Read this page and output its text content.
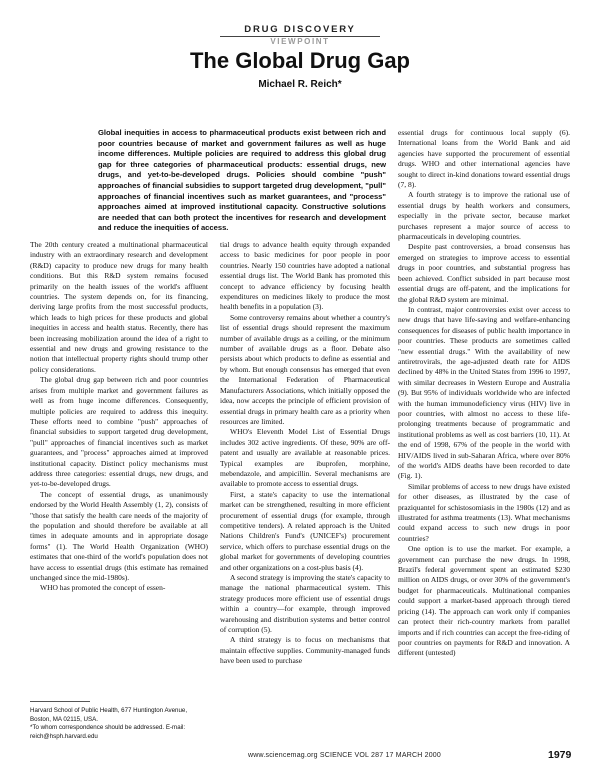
DRUG DISCOVERY
VIEWPOINT
The Global Drug Gap
Michael R. Reich*
Global inequities in access to pharmaceutical products exist between rich and poor countries because of market and government failures as well as huge income differences. Multiple policies are required to address this global drug gap for three categories of pharmaceutical products: essential drugs, new drugs, and yet-to-be-developed drugs. Policies should combine "push" approaches of financial subsidies to support targeted drug development, "pull" approaches of financial incentives such as market guarantees, and "process" approaches aimed at improved institutional capacity. Constructive solutions are needed that can both protect the incentives for research and development and reduce the inequities of access.

The 20th century created a multinational pharmaceutical industry with an extraordinary research and development (R&D) capacity to produce new drugs for many health conditions. But this R&D system remains focused primarily on the health issues of the world's affluent countries. The system depends on, for its financing, deriving large profits from the most successful products, which leads to high prices for these products and global inequities in access and health status. Recently, there has been increasing mobilization around the idea of a right to essential and new drugs and growing resistance to the notion that intellectual property rights should trump other policy considerations.

The global drug gap between rich and poor countries arises from multiple market and government failures as well as from huge income differences. Consequently, multiple policies are required to address this inequity. These efforts need to combine "push" approaches of financial subsidies to support targeted drug development, "pull" approaches of financial incentives such as market guarantees, and "process" approaches aimed at improved institutional capacity. Distinct policy mechanisms must address three categories: essential drugs, new drugs, and yet-to-be-developed drugs.

The concept of essential drugs, as unanimously endorsed by the World Health Assembly (1, 2), consists of "those that satisfy the health care needs of the majority of the population and should therefore be available at all times in adequate amounts and in appropriate dosage forms" (1). The World Health Organization (WHO) estimates that one-third of the world's population does not have access to essential drugs (this estimate has remained unchanged since the mid-1980s).

WHO has promoted the concept of essen-

tial drugs to advance health equity through expanded access to basic medicines for poor people in poor countries. Nearly 150 countries have adopted a national essential drugs list. The World Bank has promoted this concept to advance efficiency by focusing health expenditures on medicines likely to produce the most health benefits in a population (3).

Some controversy remains about whether a country's list of essential drugs should represent the maximum number of available drugs as a ceiling, or the minimum number of available drugs as a floor. Debate also persists about which products to define as essential and by whom. But enough consensus has emerged that even the International Federation of Pharmaceutical Manufacturers Associations, which initially opposed the idea, now accepts the principle of efficient provision of essential drugs in primary health care as a priority when resources are limited.

WHO's Eleventh Model List of Essential Drugs includes 302 active ingredients. Of these, 90% are off-patent and usually are available at reasonable prices. Typical examples are ibuprofen, morphine, mebendazole, and ampicillin. Several mechanisms are available to promote access to essential drugs.

First, a state's capacity to use the international market can be strengthened, resulting in more efficient procurement of essential drugs (for example, through competitive tenders). A related approach is the United Nations Children's Fund's (UNICEF's) procurement service, which offers to purchase essential drugs on the global market for governments of developing countries and other organizations on a cost-plus basis (4).

A second strategy is improving the state's capacity to manage the national pharmaceutical system. This strategy produces more efficient use of essential drugs within a country—for example, through improved warehousing and distribution systems and better control of corruption (5).

A third strategy is to focus on mechanisms that maintain effective supplies. Community-managed funds have been used to purchase

essential drugs for continuous local supply (6). International loans from the World Bank and aid agencies have supported the procurement of essential drugs. WHO and other international agencies have sought to direct in-kind donations toward essential drugs (7, 8).

A fourth strategy is to improve the rational use of essential drugs by health workers and consumers, especially in the private sector, because market purchases represent a major source of access to pharmaceuticals in developing countries.

Despite past controversies, a broad consensus has emerged on strategies to improve access to essential drugs in poor countries, and substantial progress has been achieved. Conflict subsided in part because most essential drugs are off-patent, and the implications for the global R&D system are minimal.

In contrast, major controversies exist over access to new drugs that have life-saving and welfare-enhancing consequences for diseases of public health importance in poor countries. These products are sometimes called "new essential drugs." With the availability of new antiretrovirals, the age-adjusted death rate for AIDS declined by 48% in the United States from 1996 to 1997, with similar decreases in Western Europe and Australia (9). But 95% of individuals worldwide who are infected with the human immunodeficiency virus (HIV) live in poor countries, with almost no access to these life-prolonging treatments because of programmatic and institutional problems as well as cost barriers (10, 11). At the end of 1998, 67% of the people in the world with HIV/AIDS lived in sub-Saharan Africa, where over 80% of the world's AIDS deaths have been recorded to date (Fig. 1).

Similar problems of access to new drugs have existed for other diseases, as illustrated by the case of praziquantel for schistosomiasis in the 1980s (12) and as illustrated for asthma treatments (13). What mechanisms could expand access to such new drugs in poor countries?

One option is to use the market. For example, a government can purchase the new drugs. In 1998, Brazil's federal government spent an estimated $230 million on AIDS drugs, or over 30% of the government's budget for pharmaceuticals. Multinational companies could support a market-based approach through tiered pricing (14). The approach can work only if companies can protect their rich-country markets from parallel imports and if rich countries can accept the free-riding of poor countries on payments for R&D and innovation. A different (untested)

Harvard School of Public Health, 677 Huntington Avenue, Boston, MA 02115, USA.
*To whom correspondence should be addressed. E-mail: reich@hsph.harvard.edu
www.sciencemag.org SCIENCE VOL 287 17 MARCH 2000	1979
